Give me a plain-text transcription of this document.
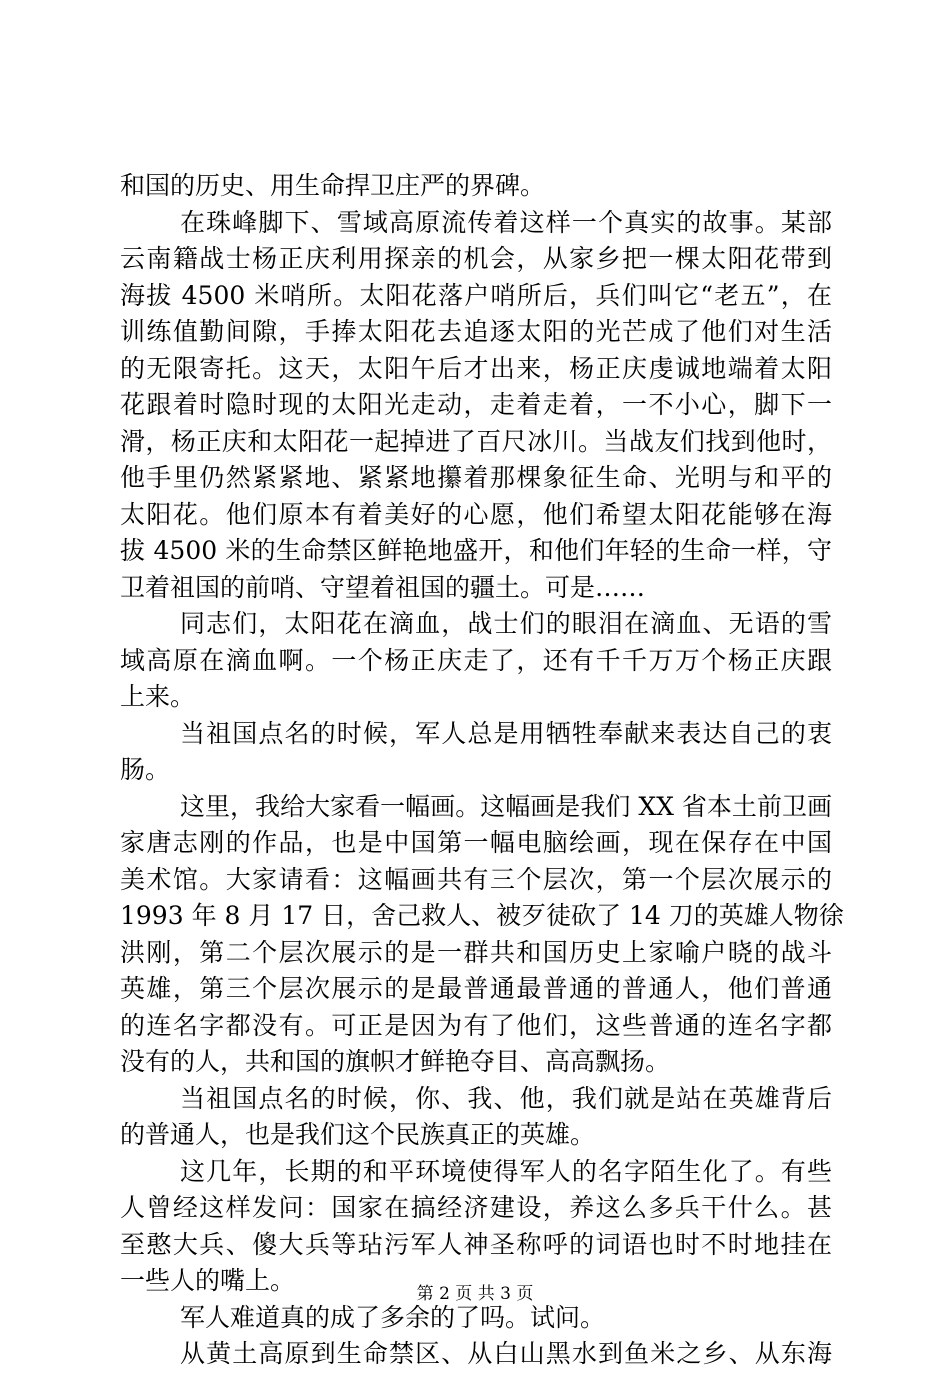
和国的历史、用生命捍卫庄严的界碑。
在珠峰脚下、雪域高原流传着这样一个真实的故事。某部
云南籍战士杨正庆利用探亲的机会，从家乡把一棵太阳花带到
海拔 4500 米哨所。太阳花落户哨所后，兵们叫它“老五”，在
训练值勤间隙，手捧太阳花去追逐太阳的光芒成了他们对生活
的无限寄托。这天，太阳午后才出来，杨正庆虔诚地端着太阳
花跟着时隐时现的太阳光走动，走着走着，一不小心，脚下一
滑，杨正庆和太阳花一起掉进了百尺冰川。当战友们找到他时，
他手里仍然紧紧地、紧紧地攥着那棵象征生命、光明与和平的
太阳花。他们原本有着美好的心愿，他们希望太阳花能够在海
拔 4500 米的生命禁区鲜艳地盛开，和他们年轻的生命一样，守
卫着祖国的前哨、守望着祖国的疆土。可是……
同志们，太阳花在滴血，战士们的眼泪在滴血、无语的雪
域高原在滴血啊。一个杨正庆走了，还有千千万万个杨正庆跟
上来。
当祖国点名的时候，军人总是用牺牲奉献来表达自己的衷
肠。
这里，我给大家看一幅画。这幅画是我们 XX 省本土前卫画
家唐志刚的作品，也是中国第一幅电脑绘画，现在保存在中国
美术馆。大家请看：这幅画共有三个层次，第一个层次展示的
1993 年 8 月 17 日，舍己救人、被歹徒砍了 14 刀的英雄人物徐
洪刚，第二个层次展示的是一群共和国历史上家喻户晓的战斗
英雄，第三个层次展示的是最普通最普通的普通人，他们普通
的连名字都没有。可正是因为有了他们，这些普通的连名字都
没有的人，共和国的旗帜才鲜艳夺目、高高飘扬。
当祖国点名的时候，你、我、他，我们就是站在英雄背后
的普通人，也是我们这个民族真正的英雄。
这几年，长期的和平环境使得军人的名字陌生化了。有些
人曾经这样发问：国家在搞经济建设，养这么多兵干什么。甚
至憨大兵、傻大兵等玷污军人神圣称呼的词语也时不时地挂在
一些人的嘴上。
军人难道真的成了多余的了吗。试问。
从黄土高原到生命禁区、从白山黑水到鱼米之乡、从东海
第 2 页 共 3 页
